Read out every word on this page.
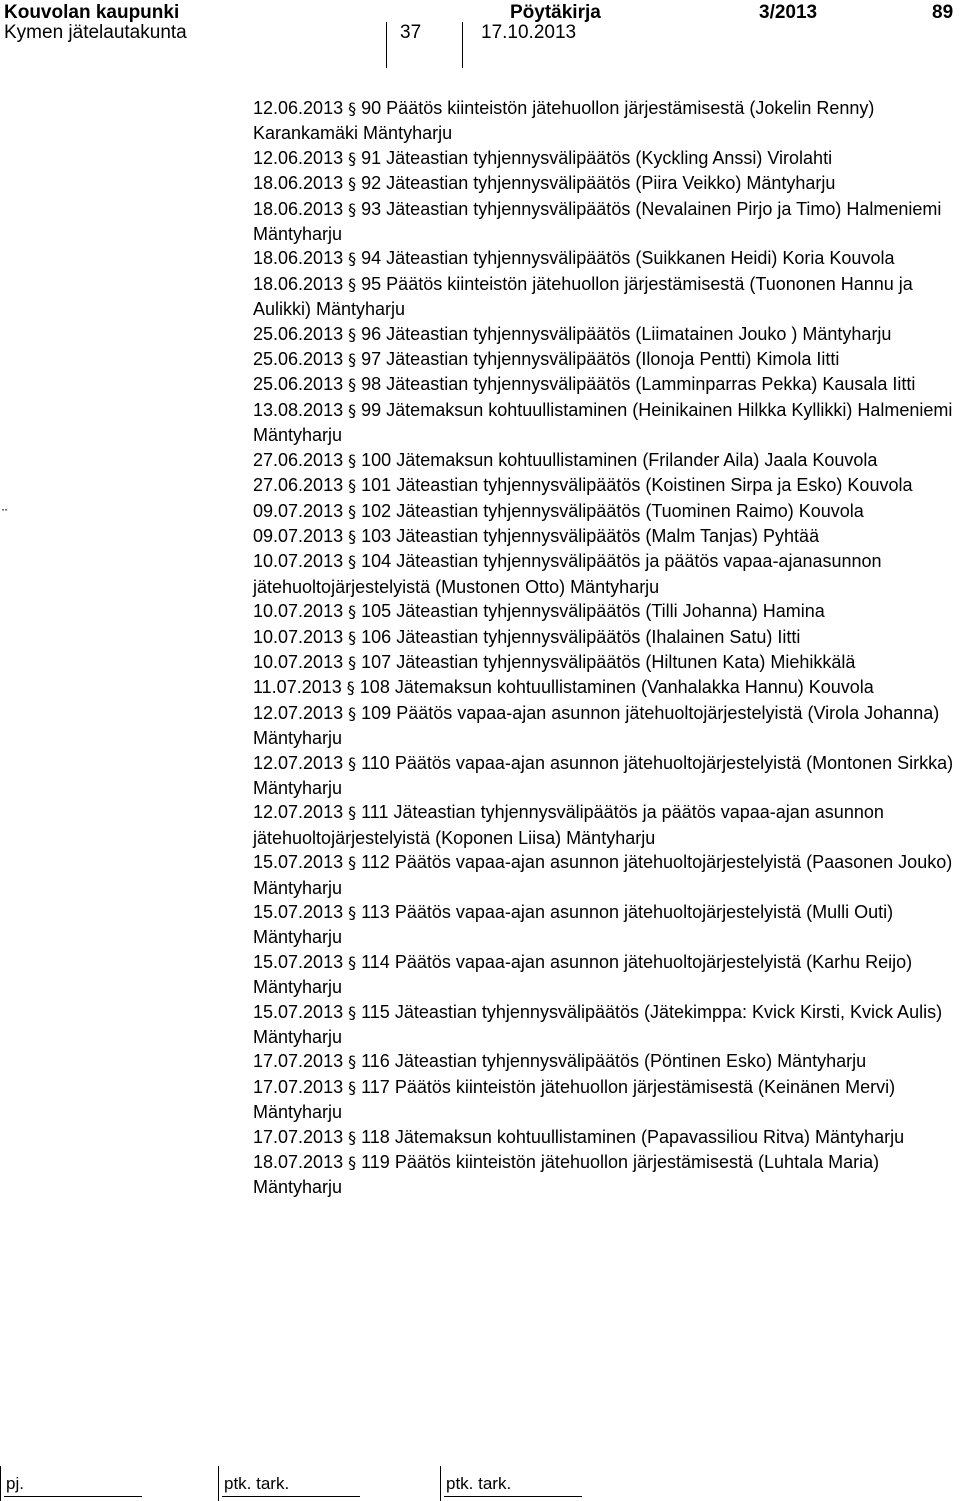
Kouvolan kaupunki	Pöytäkirja	3/2013	89
Kymen jätelautakunta	37	17.10.2013
¨
12.06.2013 § 90 Päätös kiinteistön jätehuollon järjestämisestä (Jokelin Renny) Karankamäki Mäntyharju
12.06.2013 § 91 Jäteastian tyhjennysvälipäätös (Kyckling Anssi) Virolahti
18.06.2013 § 92 Jäteastian tyhjennysvälipäätös (Piira Veikko) Mäntyharju
18.06.2013 § 93 Jäteastian tyhjennysvälipäätös (Nevalainen Pirjo ja Timo) Halmeniemi Mäntyharju
18.06.2013 § 94 Jäteastian tyhjennysvälipäätös (Suikkanen Heidi) Koria Kouvola
18.06.2013 § 95 Päätös kiinteistön jätehuollon järjestämisestä (Tuononen Hannu ja Aulikki) Mäntyharju
25.06.2013 § 96 Jäteastian tyhjennysvälipäätös (Liimatainen Jouko ) Mäntyharju
25.06.2013 § 97 Jäteastian tyhjennysvälipäätös (Ilonoja Pentti) Kimola Iitti
25.06.2013 § 98 Jäteastian tyhjennysvälipäätös (Lamminparras Pekka) Kausala Iitti
13.08.2013 § 99 Jätemaksun kohtuullistaminen (Heinikainen Hilkka Kyllikki) Halmeniemi Mäntyharju
27.06.2013 § 100 Jätemaksun kohtuullistaminen (Frilander Aila) Jaala Kouvola
27.06.2013 § 101 Jäteastian tyhjennysvälipäätös (Koistinen Sirpa ja Esko) Kouvola
09.07.2013 § 102 Jäteastian tyhjennysvälipäätös (Tuominen Raimo) Kouvola
09.07.2013 § 103 Jäteastian tyhjennysvälipäätös (Malm Tanjas) Pyhtää
10.07.2013 § 104 Jäteastian tyhjennysvälipäätös ja päätös vapaa-ajanasunnon jätehuoltojärjestelyistä (Mustonen Otto) Mäntyharju
10.07.2013 § 105 Jäteastian tyhjennysvälipäätös (Tilli Johanna) Hamina
10.07.2013 § 106 Jäteastian tyhjennysvälipäätös (Ihalainen Satu) Iitti
10.07.2013 § 107 Jäteastian tyhjennysvälipäätös (Hiltunen Kata) Miehikkälä
11.07.2013 § 108 Jätemaksun kohtuullistaminen (Vanhalakka Hannu) Kouvola
12.07.2013 § 109 Päätös vapaa-ajan asunnon jätehuoltojärjestelyistä (Virola Johanna) Mäntyharju
12.07.2013 § 110 Päätös vapaa-ajan asunnon jätehuoltojärjestelyistä (Montonen Sirkka) Mäntyharju
12.07.2013 § 111 Jäteastian tyhjennysvälipäätös ja päätös vapaa-ajan asunnon jätehuoltojärjestelyistä (Koponen Liisa) Mäntyharju
15.07.2013 § 112 Päätös vapaa-ajan asunnon jätehuoltojärjestelyistä (Paasonen Jouko) Mäntyharju
15.07.2013 § 113 Päätös vapaa-ajan asunnon jätehuoltojärjestelyistä (Mulli Outi) Mäntyharju
15.07.2013 § 114 Päätös vapaa-ajan asunnon jätehuoltojärjestelyistä (Karhu Reijo) Mäntyharju
15.07.2013 § 115 Jäteastian tyhjennysvälipäätös (Jätekimppa: Kvick Kirsti, Kvick Aulis) Mäntyharju
17.07.2013 § 116 Jäteastian tyhjennysvälipäätös (Pöntinen Esko) Mäntyharju
17.07.2013 § 117 Päätös kiinteistön jätehuollon järjestämisestä (Keinänen Mervi) Mäntyharju
17.07.2013 § 118 Jätemaksun kohtuullistaminen (Papavassiliou Ritva) Mäntyharju
18.07.2013 § 119 Päätös kiinteistön jätehuollon järjestämisestä (Luhtala Maria) Mäntyharju
pj.	ptk. tark.	ptk. tark.
